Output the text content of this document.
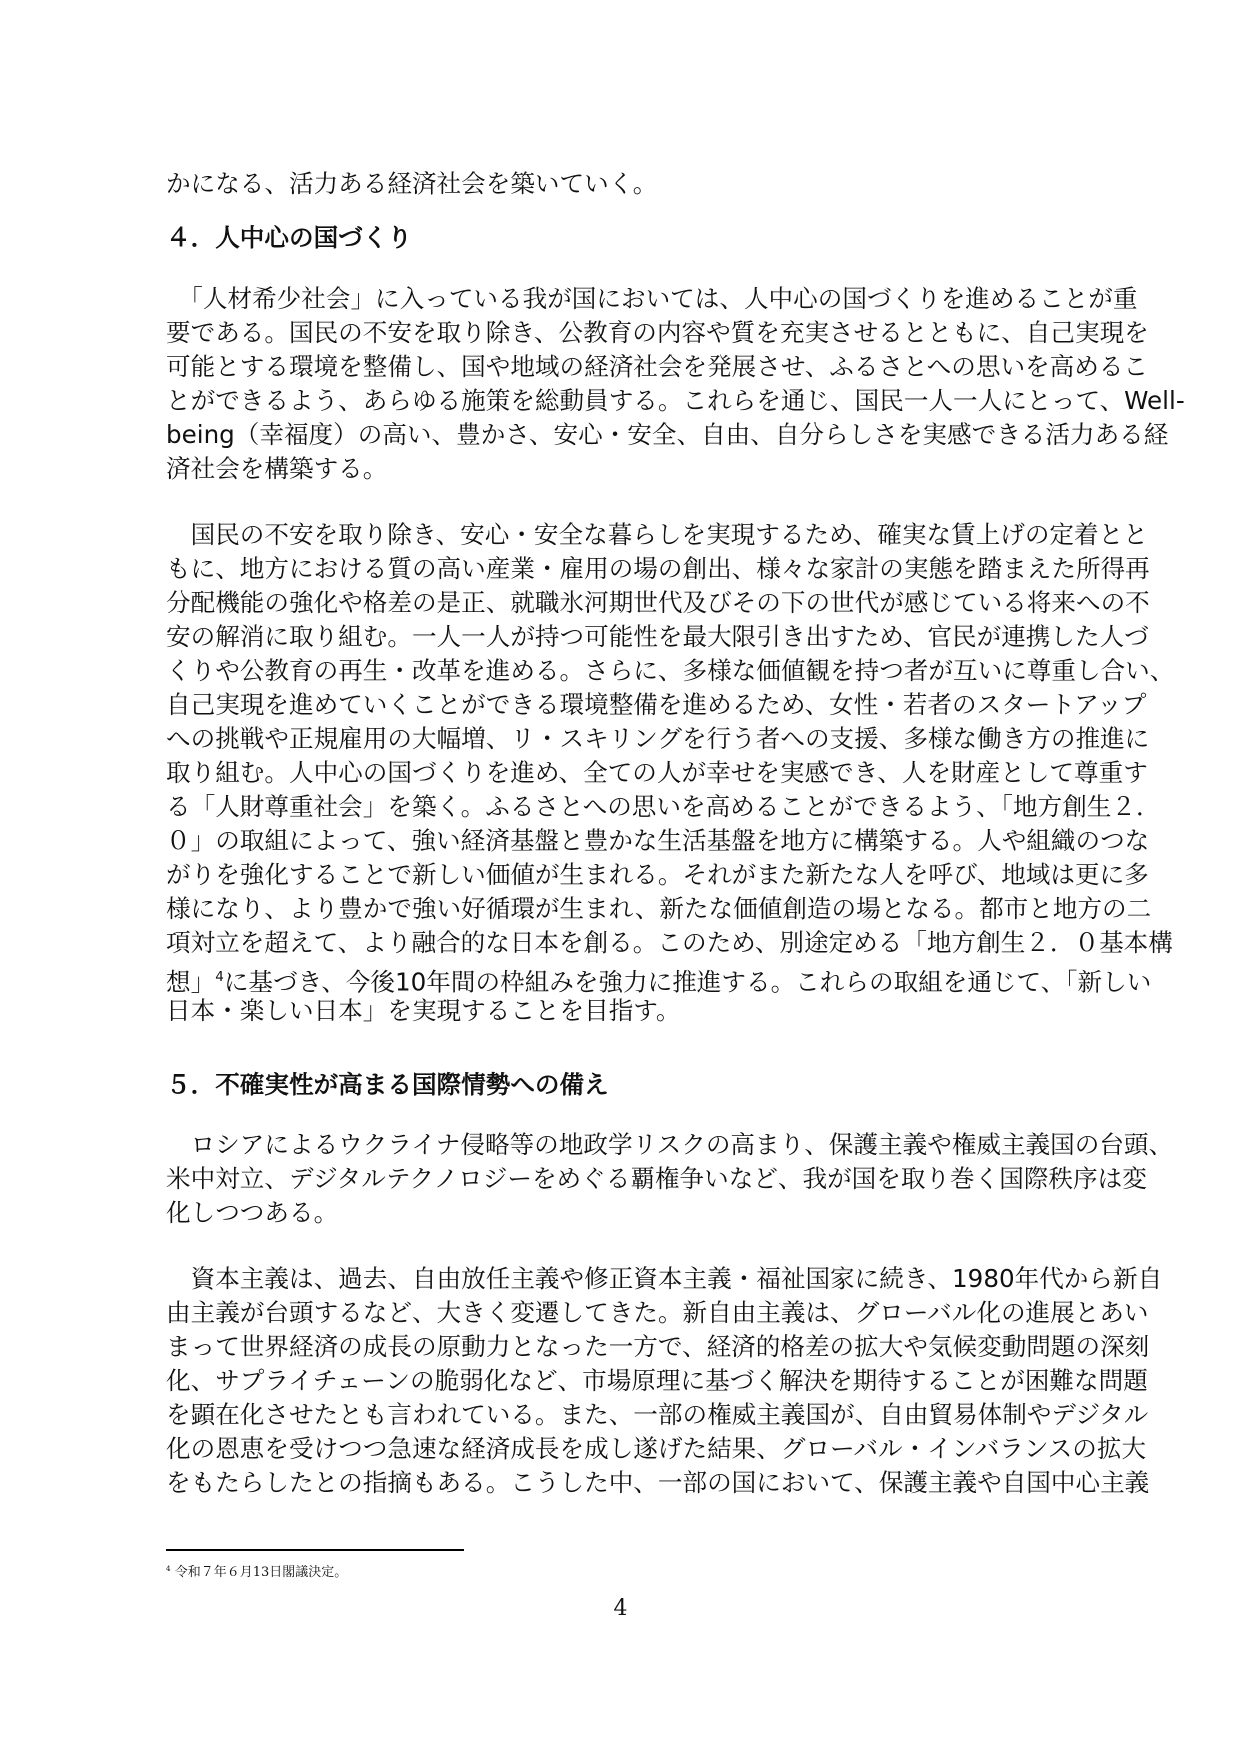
かになる、活力ある経済社会を築いていく。
４．人中心の国づくり
　「人材希少社会」に入っている我が国においては、人中心の国づくりを進めることが重
要である。国民の不安を取り除き、公教育の内容や質を充実させるとともに、自己実現を
可能とする環境を整備し、国や地域の経済社会を発展させ、ふるさとへの思いを高めるこ
とができるよう、あらゆる施策を総動員する。これらを通じ、国民一人一人にとって、Well-
being（幸福度）の高い、豊かさ、安心・安全、自由、自分らしさを実感できる活力ある経
済社会を構築する。
　国民の不安を取り除き、安心・安全な暮らしを実現するため、確実な賃上げの定着とと
もに、地方における質の高い産業・雇用の場の創出、様々な家計の実態を踏まえた所得再
分配機能の強化や格差の是正、就職氷河期世代及びその下の世代が感じている将来への不
安の解消に取り組む。一人一人が持つ可能性を最大限引き出すため、官民が連携した人づ
くりや公教育の再生・改革を進める。さらに、多様な価値観を持つ者が互いに尊重し合い、
自己実現を進めていくことができる環境整備を進めるため、女性・若者のスタートアップ
への挑戦や正規雇用の大幅増、リ・スキリングを行う者への支援、多様な働き方の推進に
取り組む。人中心の国づくりを進め、全ての人が幸せを実感でき、人を財産として尊重す
る「人財尊重社会」を築く。ふるさとへの思いを高めることができるよう、「地方創生２．
０」の取組によって、強い経済基盤と豊かな生活基盤を地方に構築する。人や組織のつな
がりを強化することで新しい価値が生まれる。それがまた新たな人を呼び、地域は更に多
様になり、より豊かで強い好循環が生まれ、新たな価値創造の場となる。都市と地方の二
項対立を超えて、より融合的な日本を創る。このため、別途定める「地方創生２．０基本構
想」$^4$に基づき、今後10年間の枠組みを強力に推進する。これらの取組を通じて、「新しい
日本・楽しい日本」を実現することを目指す。
５．不確実性が高まる国際情勢への備え
　ロシアによるウクライナ侵略等の地政学リスクの高まり、保護主義や権威主義国の台頭、
米中対立、デジタルテクノロジーをめぐる覇権争いなど、我が国を取り巻く国際秩序は変
化しつつある。
　資本主義は、過去、自由放任主義や修正資本主義・福祉国家に続き、1980年代から新自
由主義が台頭するなど、大きく変遷してきた。新自由主義は、グローバル化の進展とあい
まって世界経済の成長の原動力となった一方で、経済的格差の拡大や気候変動問題の深刻
化、サプライチェーンの脆弱化など、市場原理に基づく解決を期待することが困難な問題
を顕在化させたとも言われている。また、一部の権威主義国が、自由貿易体制やデジタル
化の恩恵を受けつつ急速な経済成長を成し遂げた結果、グローバル・インバランスの拡大
をもたらしたとの指摘もある。こうした中、一部の国において、保護主義や自国中心主義
$^4$ 令和７年６月13日閣議決定。
4
